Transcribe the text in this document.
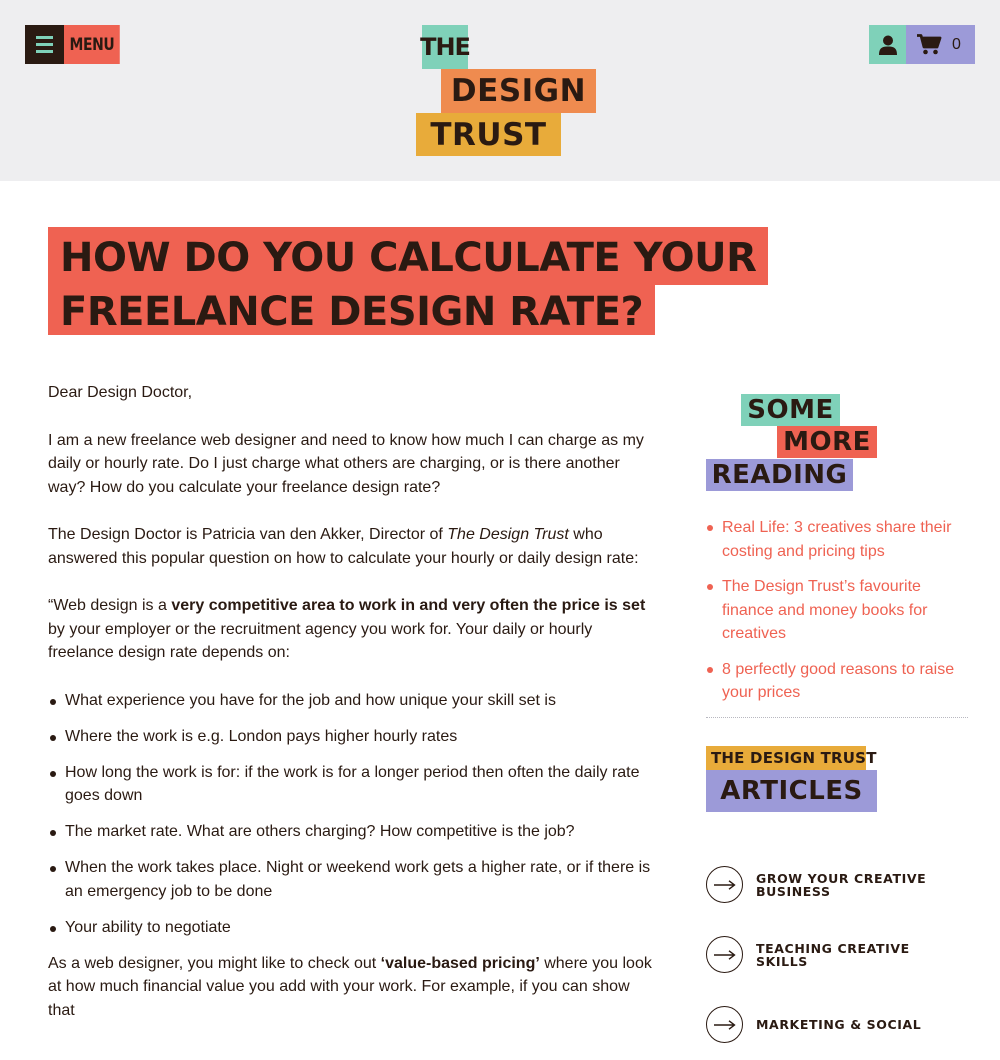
MENU	THE
DESIGN
TRUST
0
HOW DO YOU CALCULATE YOUR
FREELANCE DESIGN RATE?

Dear Design Doctor,

I am a new freelance web designer and need to know how much I can charge as my daily or hourly rate. Do I just charge what others are charging, or is there another way? How do you calculate your freelance design rate?

The Design Doctor is Patricia van den Akker, Director of The Design Trust who answered this popular question on how to calculate your hourly or daily design rate:

“Web design is a very competitive area to work in and very often the price is set by your employer or the recruitment agency you work for. Your daily or hourly freelance design rate depends on:

What experience you have for the job and how unique your skill set is
Where the work is e.g. London pays higher hourly rates
How long the work is for: if the work is for a longer period then often the daily rate goes down
The market rate. What are others charging? How competitive is the job?
When the work takes place. Night or weekend work gets a higher rate, or if there is an emergency job to be done
Your ability to negotiate

As a web designer, you might like to check out ‘value-based pricing’ where you look at how much financial value you add with your work. For example, if you can show that

SOME
MORE
READING
Real Life: 3 creatives share their costing and pricing tips
The Design Trust’s favourite finance and money books for creatives
8 perfectly good reasons to raise your prices
THE DESIGN TRUST
ARTICLES
GROW YOUR CREATIVE BUSINESS
TEACHING CREATIVE SKILLS
MARKETING & SOCIAL
